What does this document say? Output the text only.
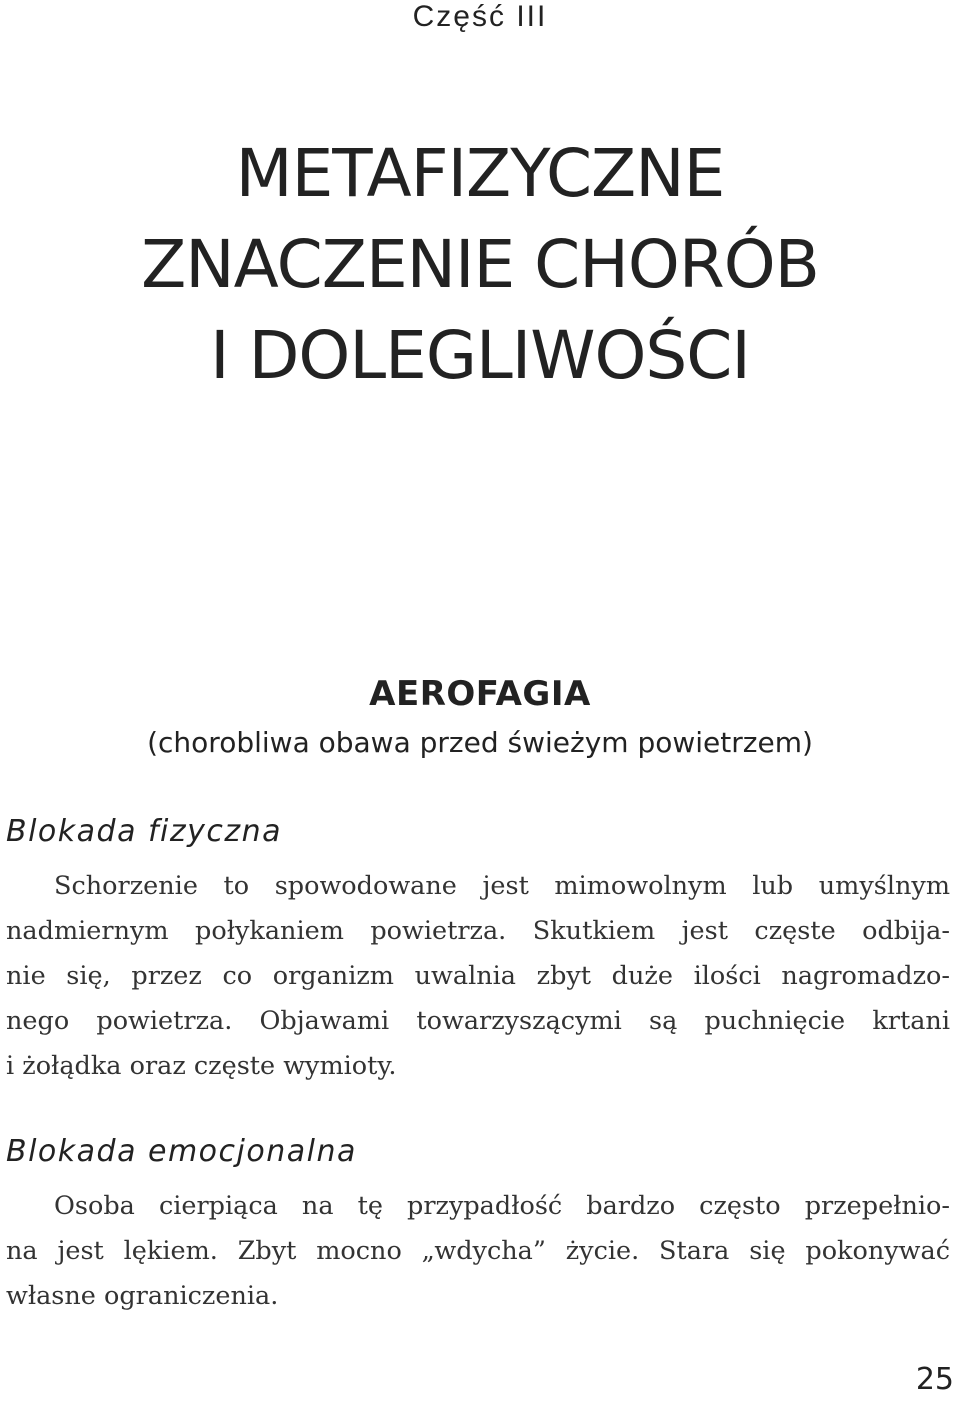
Część III
METAFIZYCZNE
ZNACZENIE CHORÓB
I DOLEGLIWOŚCI
AEROFAGIA
(chorobliwa obawa przed świeżym powietrzem)
Blokada fizyczna
Schorzenie to spowodowane jest mimowolnym lub umyślnym
nadmiernym połykaniem powietrza. Skutkiem jest częste odbija-
nie się, przez co organizm uwalnia zbyt duże ilości nagromadzo-
nego powietrza. Objawami towarzyszącymi są puchnięcie krtani
i żołądka oraz częste wymioty.
Blokada emocjonalna
Osoba cierpiąca na tę przypadłość bardzo często przepełnio-
na jest lękiem. Zbyt mocno „wdycha” życie. Stara się pokonywać
własne ograniczenia.
25
